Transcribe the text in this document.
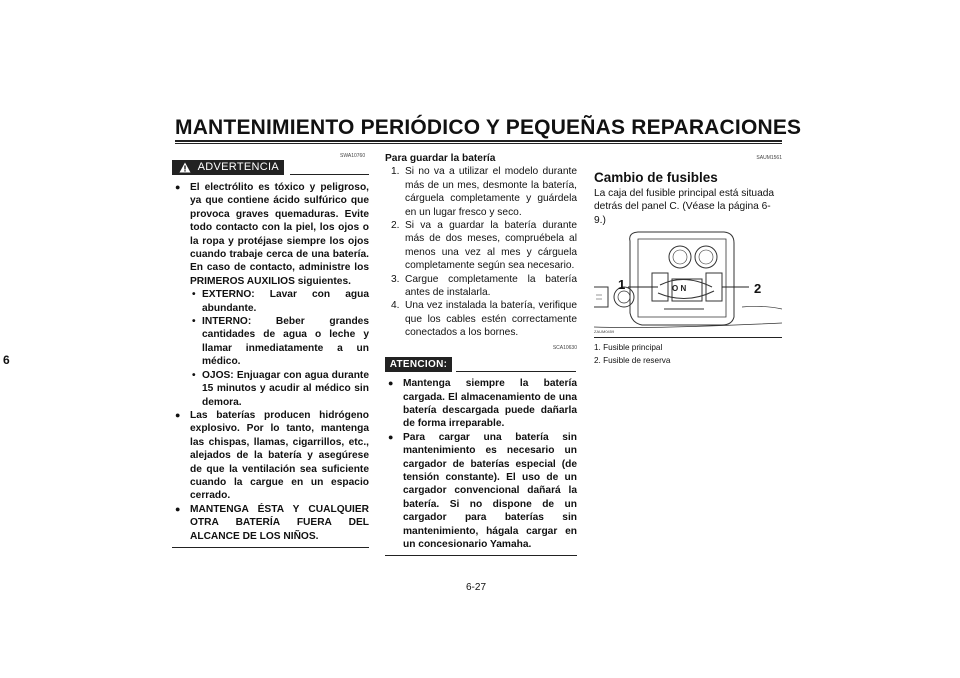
MANTENIMIENTO PERIÓDICO Y PEQUEÑAS REPARACIONES
6
SWA10760
ADVERTENCIA

● El electrólito es tóxico y peligroso, ya que contiene ácido sulfúrico que provoca graves quemaduras. Evite todo contacto con la piel, los ojos o la ropa y protéjase siempre los ojos cuando trabaje cerca de una batería. En caso de contacto, administre los PRIMEROS AUXILIOS siguientes.

• EXTERNO: Lavar con agua abundante.

• INTERNO: Beber grandes cantidades de agua o leche y llamar inmediatamente a un médico.

• OJOS: Enjuagar con agua durante 15 minutos y acudir al médico sin demora.

● Las baterías producen hidrógeno explosivo. Por lo tanto, mantenga las chispas, llamas, cigarrillos, etc., alejados de la batería y asegúrese de que la ventilación sea suficiente cuando la cargue en un espacio cerrado.

● MANTENGA ÉSTA Y CUALQUIER OTRA BATERÍA FUERA DEL ALCANCE DE LOS NIÑOS.

Para guardar la batería

1. Si no va a utilizar el modelo durante más de un mes, desmonte la batería, cárguela completamente y guárdela en un lugar fresco y seco.

2. Si va a guardar la batería durante más de dos meses, compruébela al menos una vez al mes y cárguela completamente según sea necesario.

3. Cargue completamente la batería antes de instalarla.

4. Una vez instalada la batería, verifique que los cables estén correctamente conectados a los bornes.

SCA10630
ATENCION:

● Mantenga siempre la batería cargada. El almacenamiento de una batería descargada puede dañarla de forma irreparable.

● Para cargar una batería sin mantenimiento es necesario un cargador de baterías especial (de tensión constante). El uso de un cargador convencional dañará la batería. Si no dispone de un cargador para baterías sin mantenimiento, hágala cargar en un concesionario Yamaha.

SAUM1561
Cambio de fusibles
La caja del fusible principal está situada detrás del panel C. (Véase la página 6-9.)
O N
1	2
ZAUM0459
1. Fusible principal
2. Fusible de reserva
6-27
